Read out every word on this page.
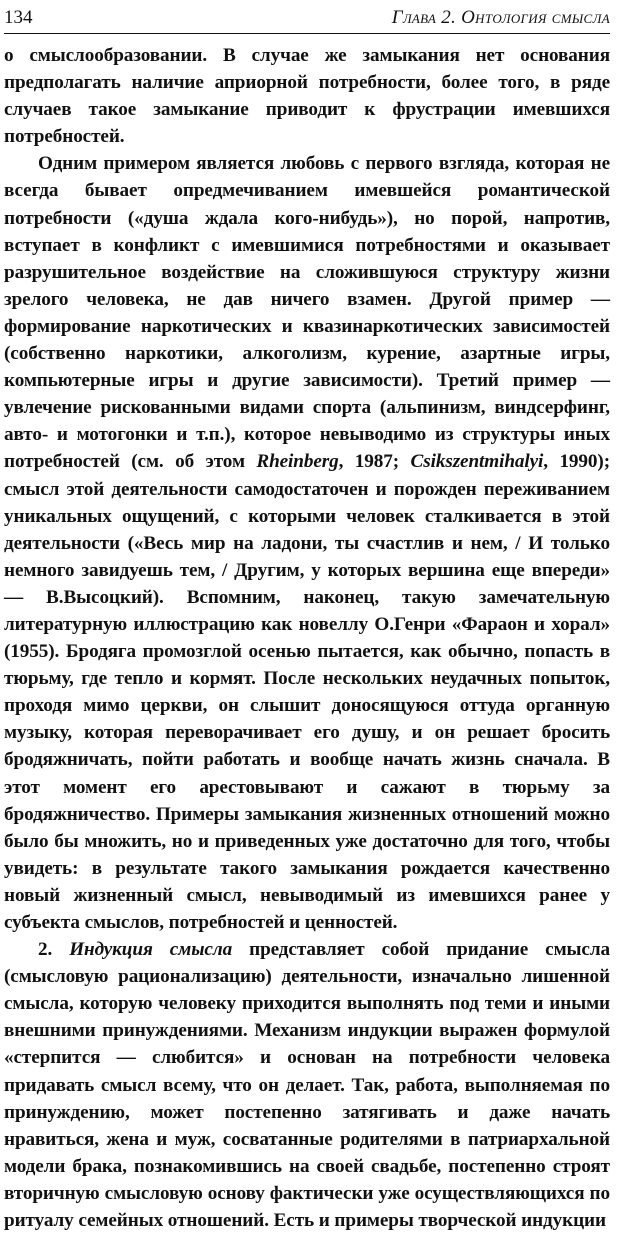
134	Глава 2. Онтология смысла

о смыслообразовании. В случае же замыкания нет основания предполагать наличие априорной потребности, более того, в ряде случаев такое замыкание приводит к фрустрации имевшихся потребностей.

Одним примером является любовь с первого взгляда, которая не всегда бывает опредмечиванием имевшейся романтической потребности («душа ждала кого-нибудь»), но порой, напротив, вступает в конфликт с имевшимися потребностями и оказывает разрушительное воздействие на сложившуюся структуру жизни зрелого человека, не дав ничего взамен. Другой пример — формирование наркотических и квазинаркотических зависимостей (собственно наркотики, алкоголизм, курение, азартные игры, компьютерные игры и другие зависимости). Третий пример — увлечение рискованными видами спорта (альпинизм, виндсерфинг, авто- и мотогонки и т.п.), которое невыводимо из структуры иных потребностей (см. об этом Rheinberg, 1987; Csikszentmihalyi, 1990); смысл этой деятельности самодостаточен и порожден переживанием уникальных ощущений, с которыми человек сталкивается в этой деятельности («Весь мир на ладони, ты счастлив и нем, / И только немного завидуешь тем, / Другим, у которых вершина еще впереди» — В.Высоцкий). Вспомним, наконец, такую замечательную литературную иллюстрацию как новеллу О.Генри «Фараон и хорал» (1955). Бродяга промозглой осенью пытается, как обычно, попасть в тюрьму, где тепло и кормят. После нескольких неудачных попыток, проходя мимо церкви, он слышит доносящуюся оттуда органную музыку, которая переворачивает его душу, и он решает бросить бродяжничать, пойти работать и вообще начать жизнь сначала. В этот момент его арестовывают и сажают в тюрьму за бродяжничество. Примеры замыкания жизненных отношений можно было бы множить, но и приведенных уже достаточно для того, чтобы увидеть: в результате такого замыкания рождается качественно новый жизненный смысл, невыводимый из имевшихся ранее у субъекта смыслов, потребностей и ценностей.

2. Индукция смысла представляет собой придание смысла (смысловую рационализацию) деятельности, изначально лишенной смысла, которую человеку приходится выполнять под теми и иными внешними принуждениями. Механизм индукции выражен формулой «стерпится — слюбится» и основан на потребности человека придавать смысл всему, что он делает. Так, работа, выполняемая по принуждению, может постепенно затягивать и даже начать нравиться, жена и муж, сосватанные родителями в патриархальной модели брака, познакомившись на своей свадьбе, постепенно строят вторичную смысловую основу фактически уже осуществляющихся по ритуалу семейных отношений. Есть и примеры творческой индукции
